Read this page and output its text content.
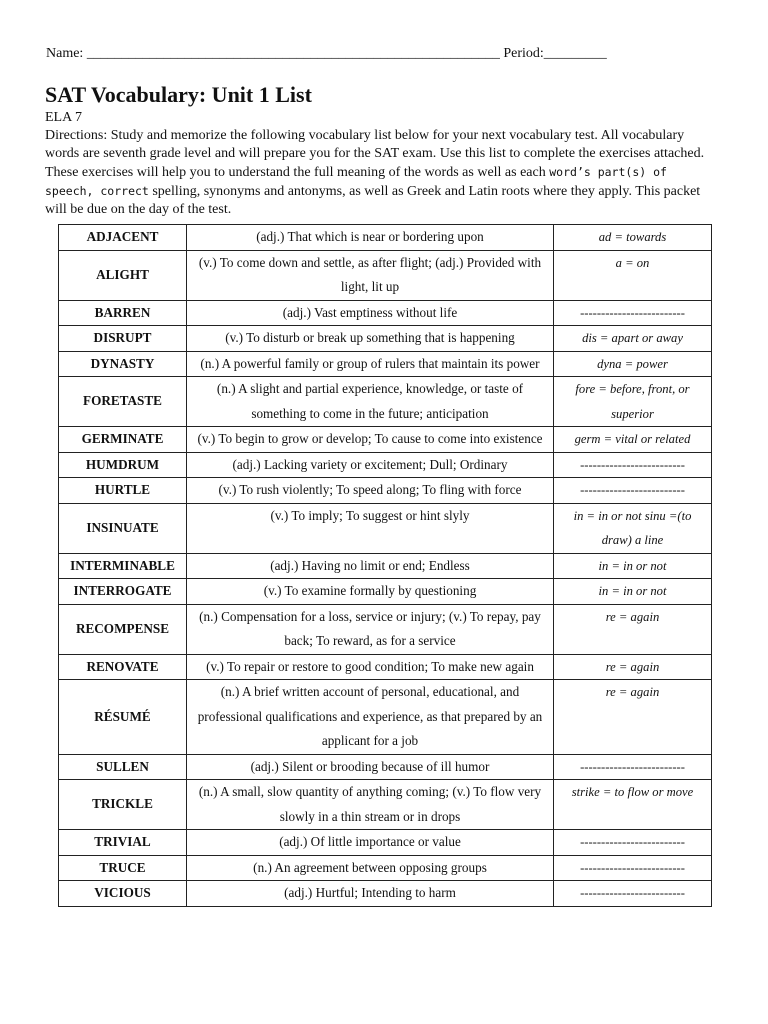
Name: ___________________________________________________________ Period:_________
SAT Vocabulary: Unit 1 List
ELA 7

Directions: Study and memorize the following vocabulary list below for your next vocabulary test. All vocabulary words are seventh grade level and will prepare you for the SAT exam. Use this list to complete the exercises attached. These exercises will help you to understand the full meaning of the words as well as each word’s part(s) of speech, correct spelling, synonyms and antonyms, as well as Greek and Latin roots where they apply. This packet will be due on the day of the test.

ADJACENT	(adj.) That which is near or bordering upon	ad = towards
ALIGHT	(v.) To come down and settle, as after flight; (adj.) Provided with light, lit up	a = on
BARREN	(adj.) Vast emptiness without life	-------------------------
DISRUPT	(v.) To disturb or break up something that is happening	dis = apart or away
DYNASTY	(n.) A powerful family or group of rulers that maintain its power	dyna = power
FORETASTE	(n.) A slight and partial experience, knowledge, or taste of something to come in the future; anticipation	fore = before, front, or superior
GERMINATE	(v.) To begin to grow or develop; To cause to come into existence	germ = vital or related
HUMDRUM	(adj.) Lacking variety or excitement; Dull; Ordinary	-------------------------
HURTLE	(v.) To rush violently; To speed along; To fling with force	-------------------------
INSINUATE	(v.) To imply; To suggest or hint slyly	in = in or not sinu =(to draw) a line
INTERMINABLE	(adj.) Having no limit or end; Endless	in = in or not
INTERROGATE	(v.) To examine formally by questioning	in = in or not
RECOMPENSE	(n.) Compensation for a loss, service or injury; (v.) To repay, pay back; To reward, as for a service	re = again
RENOVATE	(v.) To repair or restore to good condition; To make new again	re = again
RÉSUMÉ	(n.) A brief written account of personal, educational, and professional qualifications and experience, as that prepared by an applicant for a job	re = again
SULLEN	(adj.) Silent or brooding because of ill humor	-------------------------
TRICKLE	(n.) A small, slow quantity of anything coming; (v.) To flow very slowly in a thin stream or in drops	strike = to flow or move
TRIVIAL	(adj.) Of little importance or value	-------------------------
TRUCE	(n.) An agreement between opposing groups	-------------------------
VICIOUS	(adj.) Hurtful; Intending to harm	-------------------------
